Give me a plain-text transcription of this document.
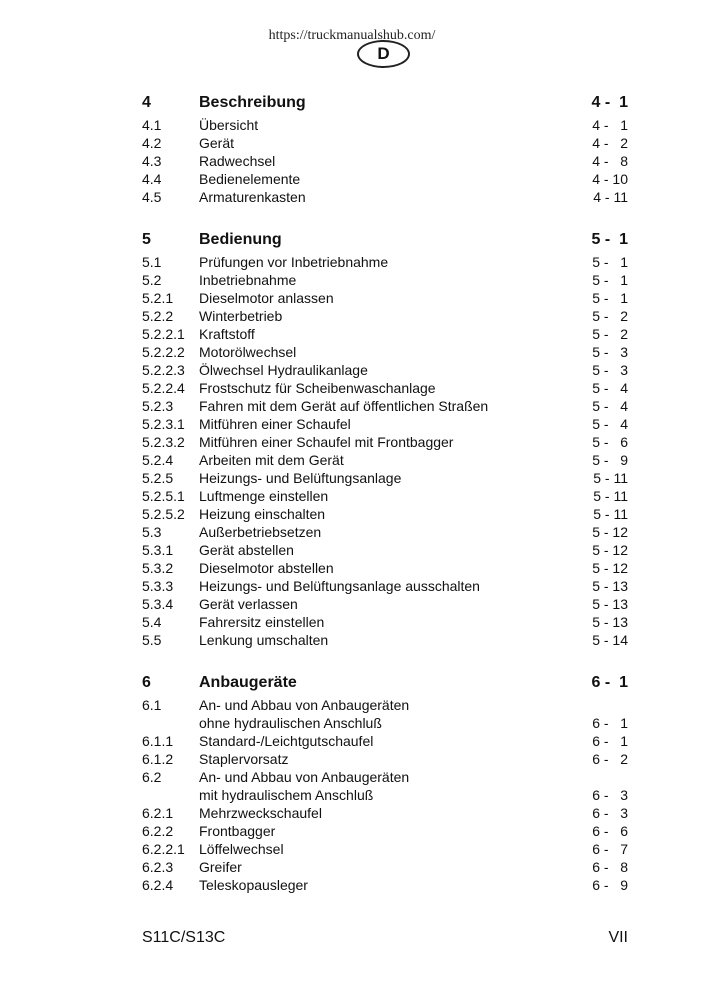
https://truckmanualshub.com/
D
4	Beschreibung	4 -  1
4.1	Übersicht	4 -   1
4.2	Gerät	4 -   2
4.3	Radwechsel	4 -   8
4.4	Bedienelemente	4 - 10
4.5	Armaturenkasten	4 - 11
5	Bedienung	5 -  1
5.1	Prüfungen vor Inbetriebnahme	5 -   1
5.2	Inbetriebnahme	5 -   1
5.2.1 Dieselmotor anlassen	5 -   1
5.2.2 Winterbetrieb	5 -   2
5.2.2.1 Kraftstoff	5 -   2
5.2.2.2 Motorölwechsel	5 -   3
5.2.2.3 Ölwechsel Hydraulikanlage	5 -   3
5.2.2.4 Frostschutz für Scheibenwaschanlage	5 -   4
5.2.3 Fahren mit dem Gerät auf öffentlichen Straßen	5 -   4
5.2.3.1 Mitführen einer Schaufel	5 -   4
5.2.3.2 Mitführen einer Schaufel mit Frontbagger	5 -   6
5.2.4 Arbeiten mit dem Gerät	5 -   9
5.2.5 Heizungs- und Belüftungsanlage	5 - 11
5.2.5.1 Luftmenge einstellen	5 - 11
5.2.5.2 Heizung einschalten	5 - 11
5.3	Außerbetriebsetzen	5 - 12
5.3.1 Gerät abstellen	5 - 12
5.3.2 Dieselmotor abstellen	5 - 12
5.3.3 Heizungs- und Belüftungsanlage ausschalten	5 - 13
5.3.4 Gerät verlassen	5 - 13
5.4	Fahrersitz einstellen	5 - 13
5.5	Lenkung umschalten	5 - 14
6	Anbaugeräte	6 -  1
6.1	An- und Abbau von Anbaugeräten
ohne hydraulischen Anschluß	6 -   1
6.1.1 Standard-/Leichtgutschaufel	6 -   1
6.1.2 Staplervorsatz	6 -   2
6.2	An- und Abbau von Anbaugeräten
mit hydraulischem Anschluß	6 -   3
6.2.1 Mehrzweckschaufel	6 -   3
6.2.2 Frontbagger	6 -   6
6.2.2.1 Löffelwechsel	6 -   7
6.2.3 Greifer	6 -   8
6.2.4 Teleskopausleger	6 -   9
S11C/S13C	VII
